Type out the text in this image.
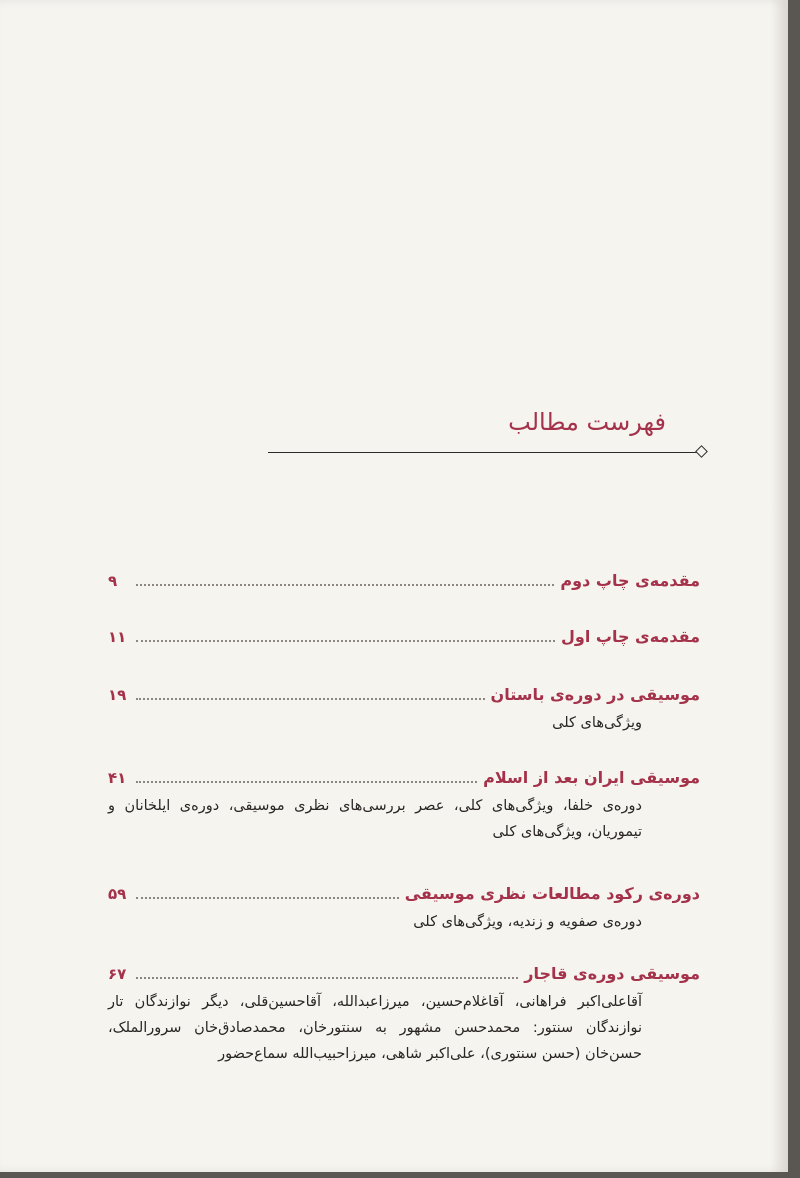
فهرست مطالب
مقدمه‌ی چاپ دوم
۹
مقدمه‌ی چاپ اول
۱۱
موسیقی در دوره‌ی باستان
۱۹
ویژگی‌های کلی
موسیقی ایران بعد از اسلام
۴۱
دوره‌ی خلفا، ویژگی‌های کلی، عصر بررسی‌های نظری موسیقی، دوره‌ی ایلخانان و تیموریان، ویژگی‌های کلی
دوره‌ی رکود مطالعات نظری موسیقی
۵۹
دوره‌ی صفویه و زندیه، ویژگی‌های کلی
موسیقی دوره‌ی قاجار
۶۷
آقاعلی‌اکبر فراهانی، آقاغلام‌حسین، میرزاعبدالله، آقاحسین‌قلی، دیگر نوازندگان تار نوازندگان سنتور: محمدحسن مشهور به سنتورخان، محمدصادق‌خان سرورالملک، حسن‌خان (حسن سنتوری)، علی‌اکبر شاهی، میرزاحبیب‌الله سماع‌حضور
